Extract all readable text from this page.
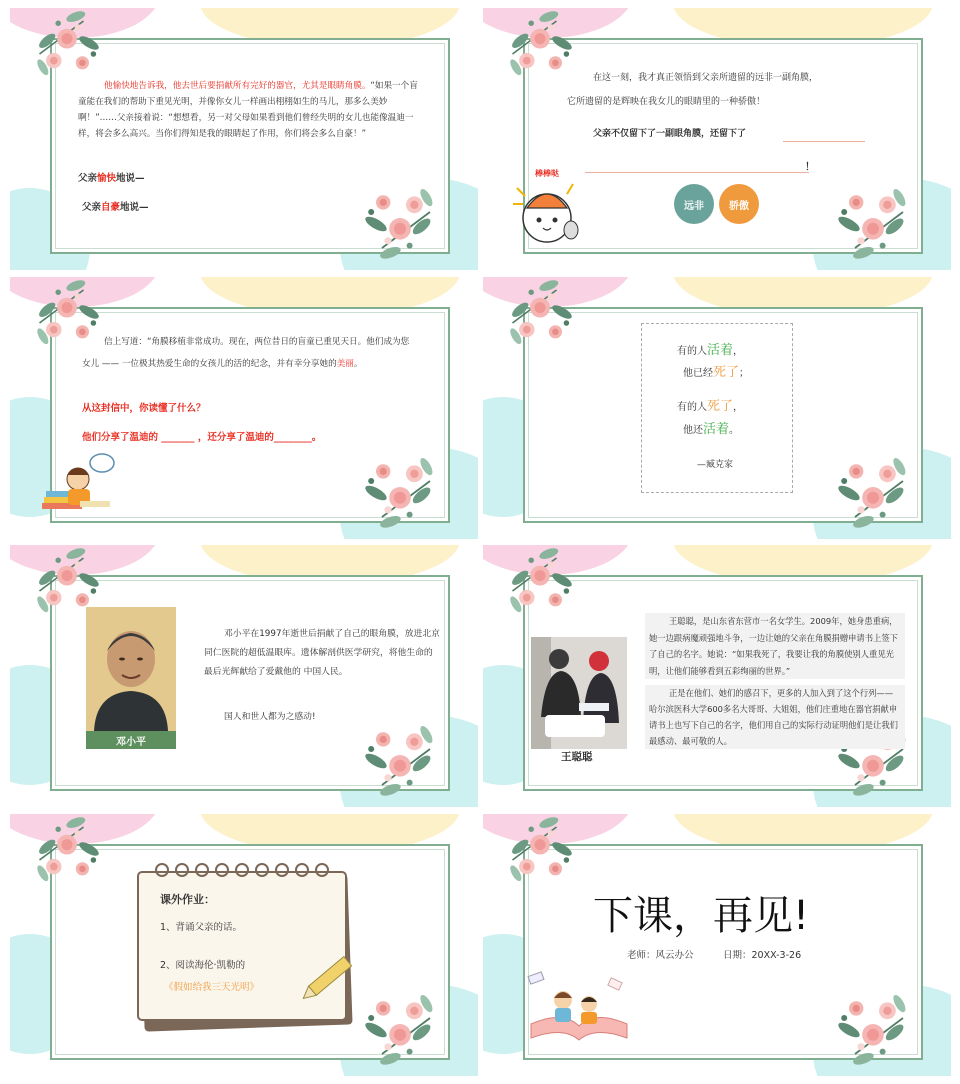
他愉快地告诉我，他去世后要捐献所有完好的器官，尤其是眼睛角膜。“如果一个盲童能在我们的帮助下重见光明，并像你女儿一样画出栩栩如生的马儿，那多么美妙啊！”……父亲接着说：“想想看，另一对父母如果看到他们曾经失明的女儿也能像温迪一样，将会多么高兴。当你们得知是我的眼睛起了作用，你们将会多么自豪！”
父亲愉快地说—
父亲自豪地说—
在这一刻，我才真正领悟到父亲所遗留的远非一副角膜，
它所遗留的是辉映在我女儿的眼睛里的一种骄傲！
父亲不仅留下了一副眼角膜，还留下了
！
棒棒哒
远非	骄傲
信上写道：“角膜移植非常成功。现在，两位昔日的盲童已重见天日。他们成为您女儿 —— 一位极其热爱生命的女孩儿的活的纪念，并有幸分享她的美丽。
从这封信中，你读懂了什么？
他们分享了温迪的 _______ ，还分享了温迪的________。
有的人活着，
他已经死了；
有的人死了，
他还活着。
—臧克家
邓小平
邓小平在1997年逝世后捐献了自己的眼角膜，放进北京同仁医院的超低温眼库。遗体解剖供医学研究，将他生命的最后光辉献给了爱戴他的 中国人民。
国人和世人都为之感动!
王聪聪
王聪聪，是山东省东营市一名女学生。2009年，她身患重病，她一边跟病魔顽强地斗争，一边让她的父亲在角膜捐赠申请书上签下了自己的名字。她说：“如果我死了，我要让我的角膜使别人重见光明，让他们能够看到五彩绚丽的世界。”
正是在他们、她们的感召下，更多的人加入到了这个行列——哈尔滨医科大学600多名大哥哥、大姐姐，他们庄重地在器官捐献申请书上也写下自己的名字，他们用自己的实际行动证明他们是让我们最感动、最可敬的人。
课外作业：
1、背诵父亲的话。
2、阅读海伦·凯勒的
《假如给我三天光明》
下课，再见!
老师：风云办公	日期：20XX-3-26
